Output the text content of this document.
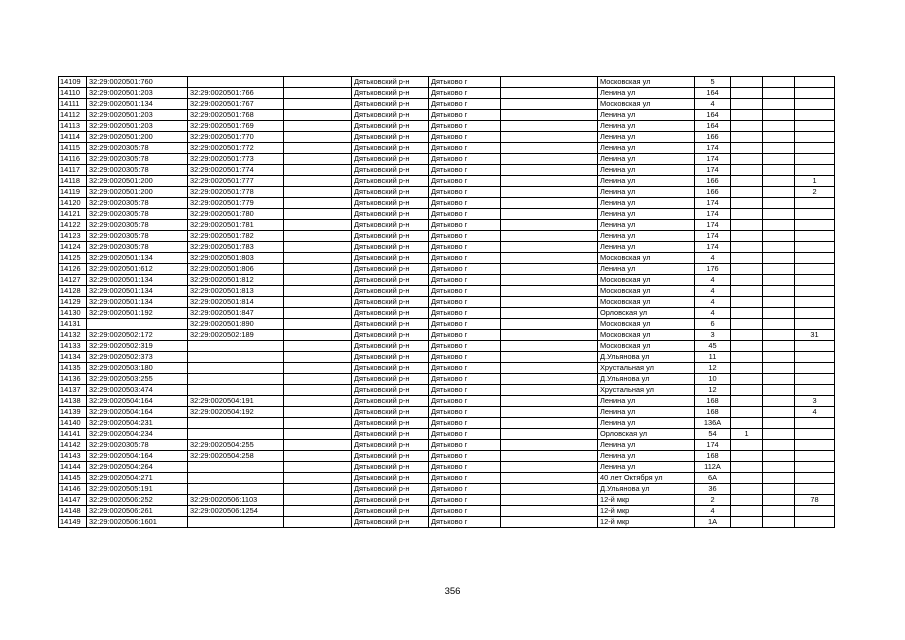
14109	32:29:0020501:760			Дятьковский р-н	Дятьково г		Московская ул	5			
14110	32:29:0020501:203	32:29:0020501:766		Дятьковский р-н	Дятьково г		Ленина ул	164			
14111	32:29:0020501:134	32:29:0020501:767		Дятьковский р-н	Дятьково г		Московская ул	4			
14112	32:29:0020501:203	32:29:0020501:768		Дятьковский р-н	Дятьково г		Ленина ул	164			
14113	32:29:0020501:203	32:29:0020501:769		Дятьковский р-н	Дятьково г		Ленина ул	164			
14114	32:29:0020501:200	32:29:0020501:770		Дятьковский р-н	Дятьково г		Ленина ул	166			
14115	32:29:0020305:78	32:29:0020501:772		Дятьковский р-н	Дятьково г		Ленина ул	174			
14116	32:29:0020305:78	32:29:0020501:773		Дятьковский р-н	Дятьково г		Ленина ул	174			
14117	32:29:0020305:78	32:29:0020501:774		Дятьковский р-н	Дятьково г		Ленина ул	174			
14118	32:29:0020501:200	32:29:0020501:777		Дятьковский р-н	Дятьково г		Ленина ул	166			1
14119	32:29:0020501:200	32:29:0020501:778		Дятьковский р-н	Дятьково г		Ленина ул	166			2
14120	32:29:0020305:78	32:29:0020501:779		Дятьковский р-н	Дятьково г		Ленина ул	174			
14121	32:29:0020305:78	32:29:0020501:780		Дятьковский р-н	Дятьково г		Ленина ул	174			
14122	32:29:0020305:78	32:29:0020501:781		Дятьковский р-н	Дятьково г		Ленина ул	174			
14123	32:29:0020305:78	32:29:0020501:782		Дятьковский р-н	Дятьково г		Ленина ул	174			
14124	32:29:0020305:78	32:29:0020501:783		Дятьковский р-н	Дятьково г		Ленина ул	174			
14125	32:29:0020501:134	32:29:0020501:803		Дятьковский р-н	Дятьково г		Московская ул	4			
14126	32:29:0020501:612	32:29:0020501:806		Дятьковский р-н	Дятьково г		Ленина ул	176			
14127	32:29:0020501:134	32:29:0020501:812		Дятьковский р-н	Дятьково г		Московская ул	4			
14128	32:29:0020501:134	32:29:0020501:813		Дятьковский р-н	Дятьково г		Московская ул	4			
14129	32:29:0020501:134	32:29:0020501:814		Дятьковский р-н	Дятьково г		Московская ул	4			
14130	32:29:0020501:192	32:29:0020501:847		Дятьковский р-н	Дятьково г		Орловская ул	4			
14131		32:29:0020501:890		Дятьковский р-н	Дятьково г		Московская ул	6			
14132	32:29:0020502:172	32:29:0020502:189		Дятьковский р-н	Дятьково г		Московская ул	3			31
14133	32:29:0020502:319			Дятьковский р-н	Дятьково г		Московская ул	45			
14134	32:29:0020502:373			Дятьковский р-н	Дятьково г		Д.Ульянова ул	11			
14135	32:29:0020503:180			Дятьковский р-н	Дятьково г		Хрустальная ул	12			
14136	32:29:0020503:255			Дятьковский р-н	Дятьково г		Д.Ульянова ул	10			
14137	32:29:0020503:474			Дятьковский р-н	Дятьково г		Хрустальная ул	12			
14138	32:29:0020504:164	32:29:0020504:191		Дятьковский р-н	Дятьково г		Ленина ул	168			3
14139	32:29:0020504:164	32:29:0020504:192		Дятьковский р-н	Дятьково г		Ленина ул	168			4
14140	32:29:0020504:231			Дятьковский р-н	Дятьково г		Ленина ул	136А			
14141	32:29:0020504:234			Дятьковский р-н	Дятьково г		Орловская ул	54	1		
14142	32:29:0020305:78	32:29:0020504:255		Дятьковский р-н	Дятьково г		Ленина ул	174			
14143	32:29:0020504:164	32:29:0020504:258		Дятьковский р-н	Дятьково г		Ленина ул	168			
14144	32:29:0020504:264			Дятьковский р-н	Дятьково г		Ленина ул	112А			
14145	32:29:0020504:271			Дятьковский р-н	Дятьково г		40 лет Октября ул	6А			
14146	32:29:0020505:191			Дятьковский р-н	Дятьково г		Д.Ульянова ул	36			
14147	32:29:0020506:252	32:29:0020506:1103		Дятьковский р-н	Дятьково г		12-й мкр	2			78
14148	32:29:0020506:261	32:29:0020506:1254		Дятьковский р-н	Дятьково г		12-й мкр	4			
14149	32:29:0020506:1601			Дятьковский р-н	Дятьково г		12-й мкр	1А			
356
